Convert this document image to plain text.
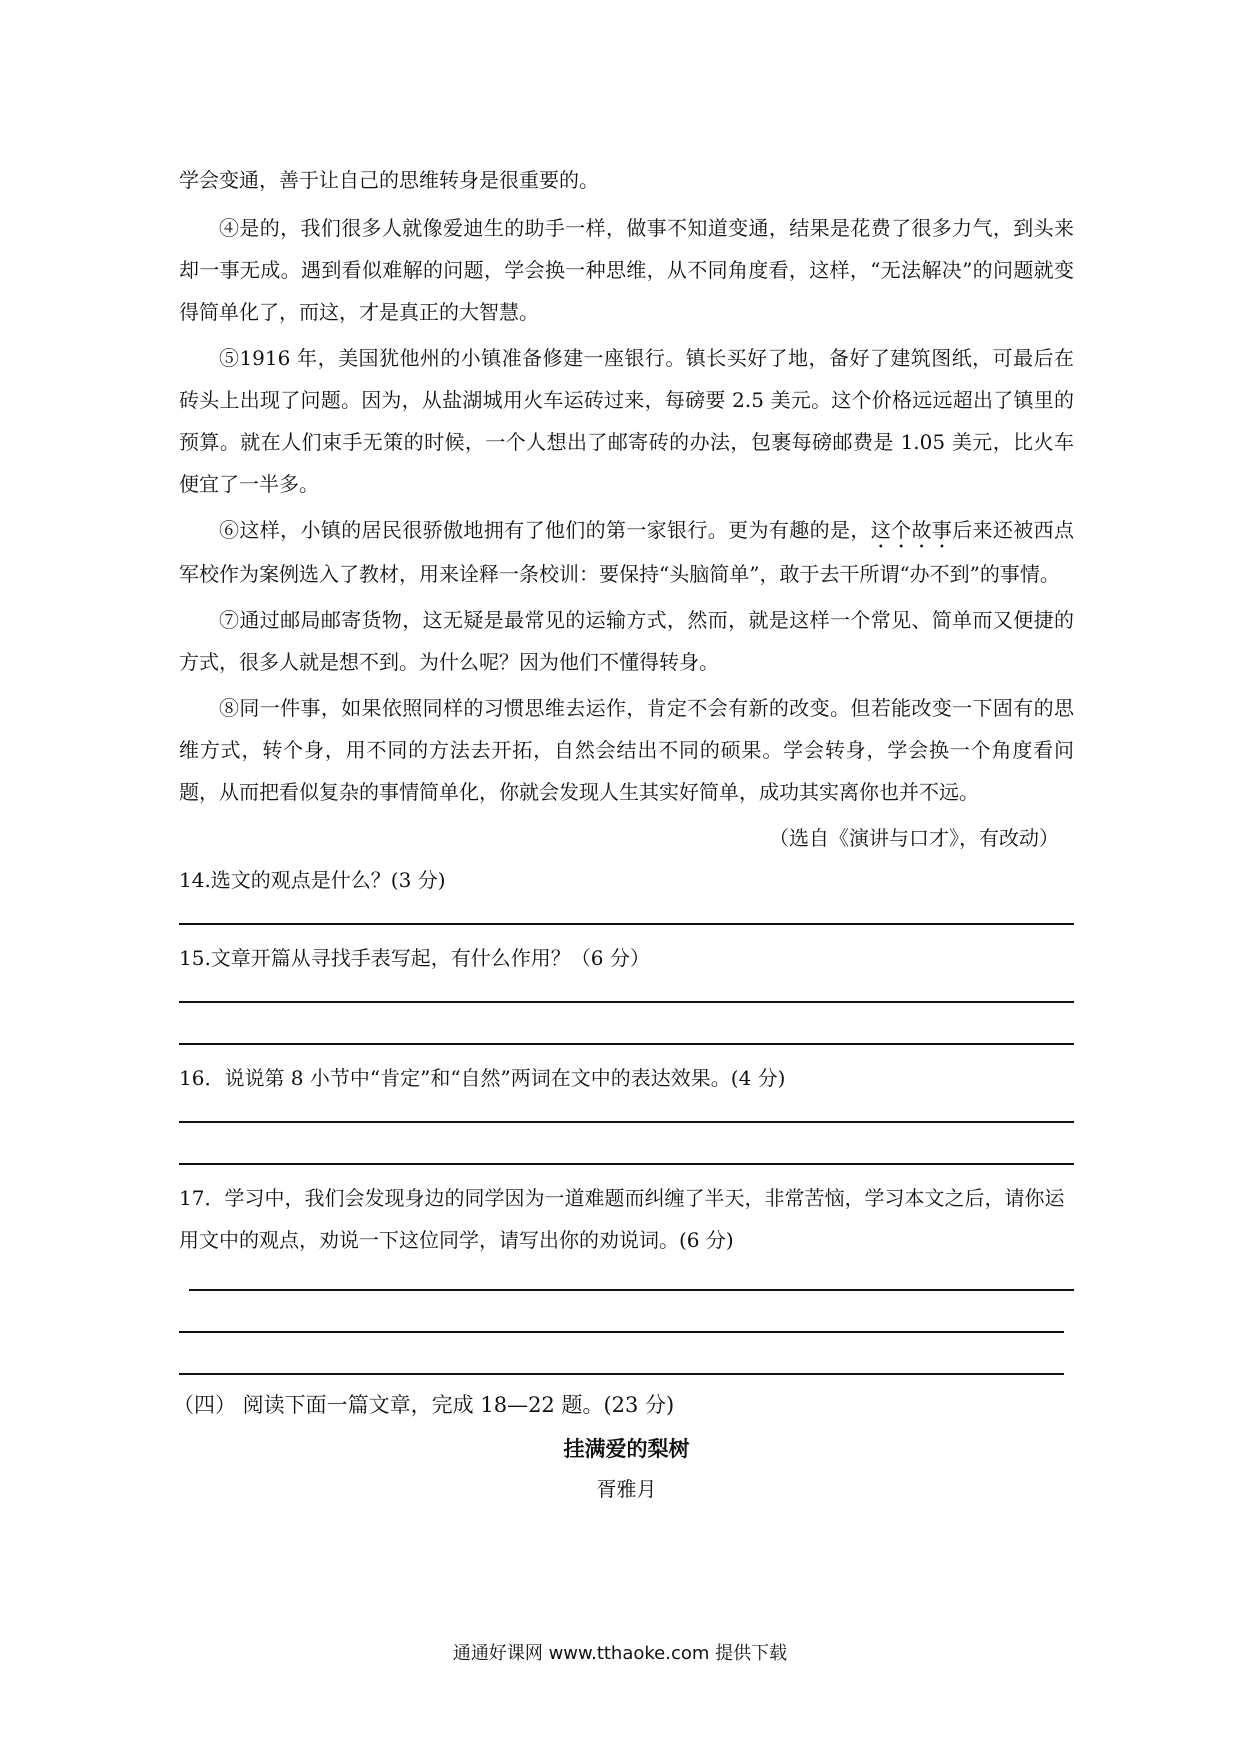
学会变通，善于让自己的思维转身是很重要的。

④是的，我们很多人就像爱迪生的助手一样，做事不知道变通，结果是花费了很多力气，到头来却一事无成。遇到看似难解的问题，学会换一种思维，从不同角度看，这样，“无法解决”的问题就变得简单化了，而这，才是真正的大智慧。

⑤1916 年，美国犹他州的小镇准备修建一座银行。镇长买好了地，备好了建筑图纸，可最后在砖头上出现了问题。因为，从盐湖城用火车运砖过来，每磅要 2.5 美元。这个价格远远超出了镇里的预算。就在人们束手无策的时候，一个人想出了邮寄砖的办法，包裹每磅邮费是 1.05 美元，比火车便宜了一半多。

⑥这样，小镇的居民很骄傲地拥有了他们的第一家银行。更为有趣的是，这个故事后来还被西点军校作为案例选入了教材，用来诠释一条校训：要保持“头脑简单”，敢于去干所谓“办不到”的事情。

⑦通过邮局邮寄货物，这无疑是最常见的运输方式，然而，就是这样一个常见、简单而又便捷的方式，很多人就是想不到。为什么呢？因为他们不懂得转身。

⑧同一件事，如果依照同样的习惯思维去运作，肯定不会有新的改变。但若能改变一下固有的思维方式，转个身，用不同的方法去开拓，自然会结出不同的硕果。学会转身，学会换一个角度看问题，从而把看似复杂的事情简单化，你就会发现人生其实好简单，成功其实离你也并不远。

（选自《演讲与口才》，有改动）

14.选文的观点是什么？(3 分)

15.文章开篇从寻找手表写起，有什么作用？（6 分）

16．说说第 8 小节中“肯定”和“自然”两词在文中的表达效果。(4 分)

17．学习中，我们会发现身边的同学因为一道难题而纠缠了半天，非常苦恼，学习本文之后，请你运用文中的观点，劝说一下这位同学，请写出你的劝说词。(6 分)

（四） 阅读下面一篇文章，完成 18—22 题。(23 分)

挂满爱的梨树

胥雅月

通通好课网 www.tthaoke.com 提供下载
